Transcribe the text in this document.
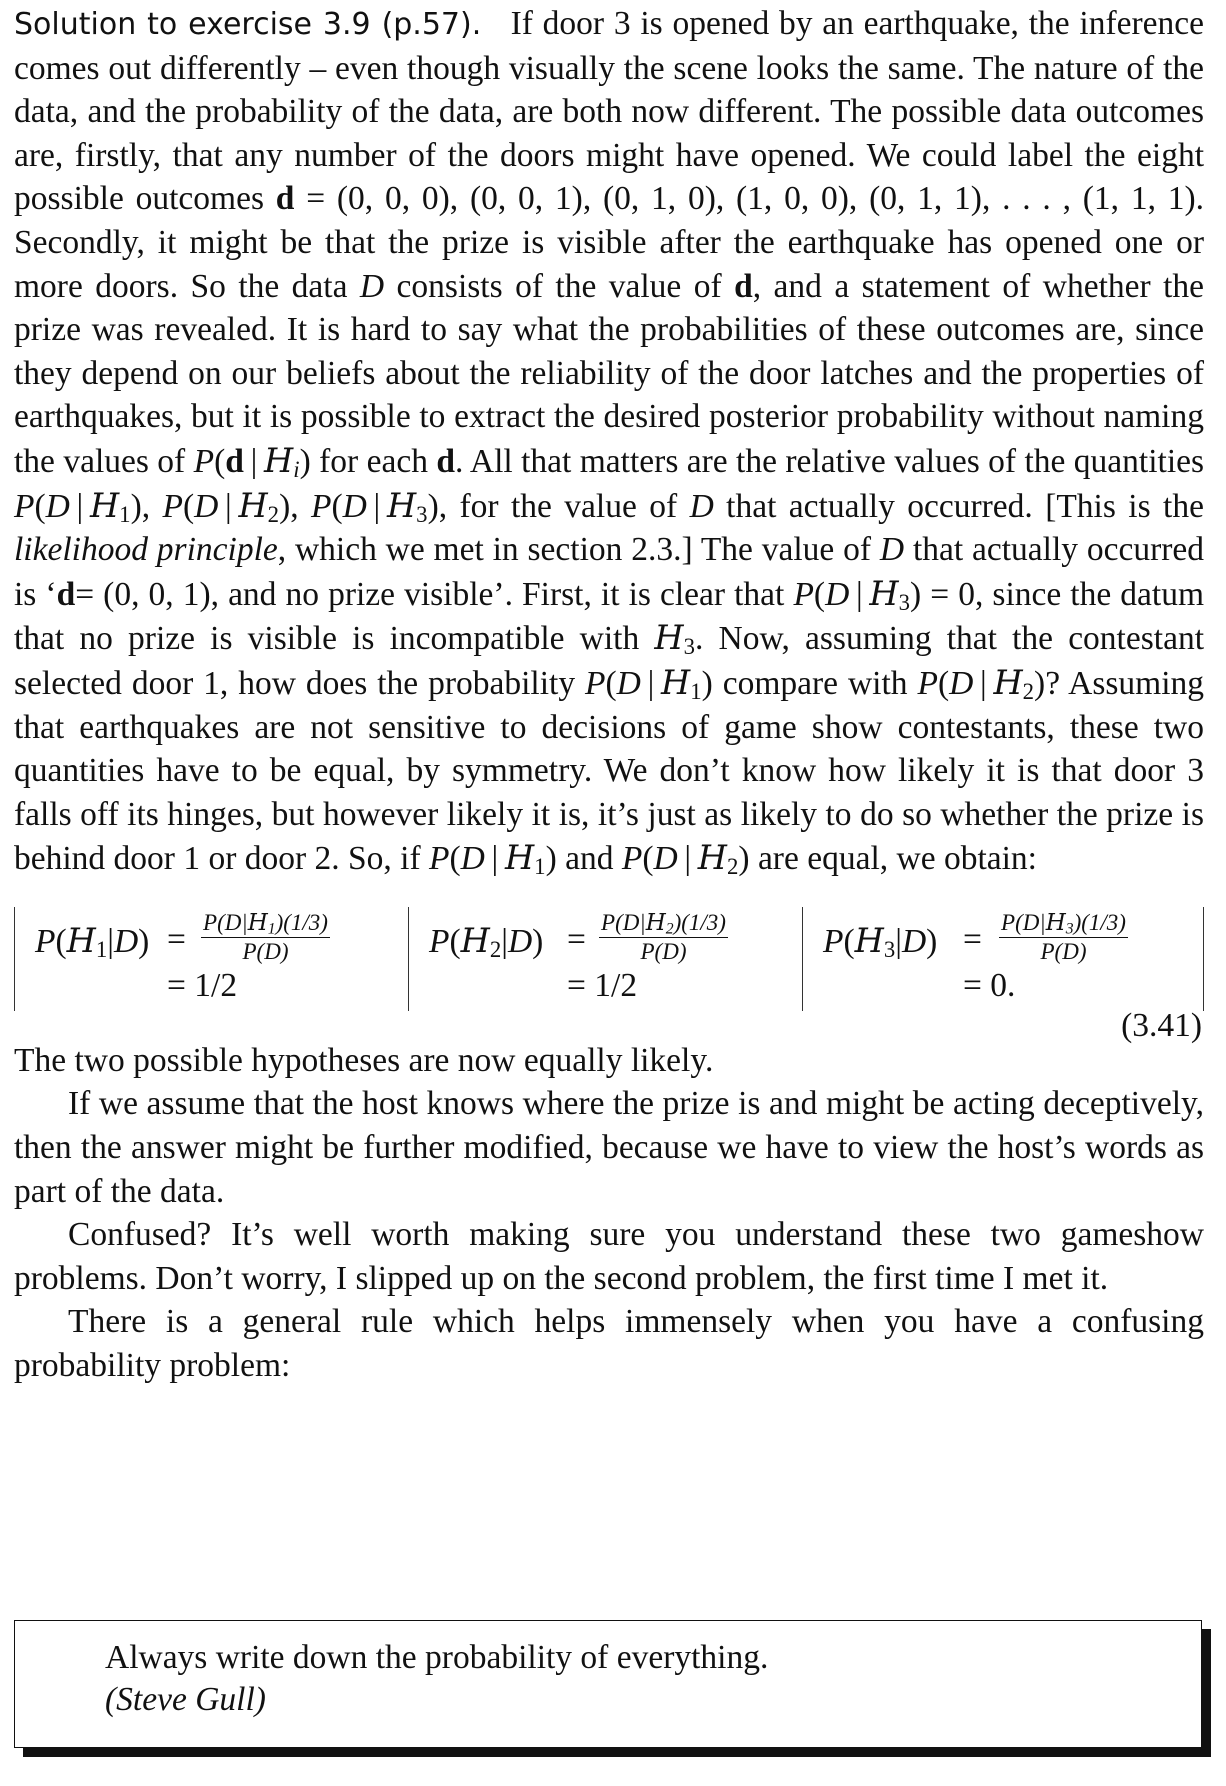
Solution to exercise 3.9 (p.57). If door 3 is opened by an earthquake, the inference comes out differently – even though visually the scene looks the same. The nature of the data, and the probability of the data, are both now different. The possible data outcomes are, firstly, that any number of the doors might have opened. We could label the eight possible outcomes d = (0, 0, 0), (0, 0, 1), (0, 1, 0), (1, 0, 0), (0, 1, 1), . . . , (1, 1, 1). Secondly, it might be that the prize is visible after the earthquake has opened one or more doors. So the data D consists of the value of d, and a statement of whether the prize was revealed. It is hard to say what the probabilities of these outcomes are, since they depend on our beliefs about the reliability of the door latches and the properties of earthquakes, but it is possible to extract the desired posterior probability without naming the values of P(d | $H_i$) for each d. All that matters are the relative values of the quantities P(D | $H_1$), P(D | $H_2$), P(D | $H_3$), for the value of D that actually occurred. [This is the likelihood principle, which we met in section 2.3.] The value of D that actually occurred is ‘d= (0, 0, 1), and no prize visible’. First, it is clear that P(D | $H_3) = 0$, since the datum that no prize is visible is incompatible with $H_3$. Now, assuming that the contestant selected door 1, how does the probability P(D | $H_1$) compare with P(D | $H_2$)? Assuming that earthquakes are not sensitive to decisions of game show contestants, these two quantities have to be equal, by symmetry. We don’t know how likely it is that door 3 falls off its hinges, but however likely it is, it’s just as likely to do so whether the prize is behind door 1 or door 2. So, if P(D | $H_1$) and P(D | $H_2$) are equal, we obtain:

$P(H_1|D) = \frac{P(D|H_1)(1/3)}{P(D)}$
= 1/2
$P(H_2|D) = \frac{P(D|H_2)(1/3)}{P(D)}$
= 1/2
$P(H_3|D) = \frac{P(D|H_3)(1/3)}{P(D)}$
= 0.
(3.41)

The two possible hypotheses are now equally likely.

If we assume that the host knows where the prize is and might be acting deceptively, then the answer might be further modified, because we have to view the host’s words as part of the data.

Confused? It’s well worth making sure you understand these two gameshow problems. Don’t worry, I slipped up on the second problem, the first time I met it.

There is a general rule which helps immensely when you have a confusing probability problem:

Always write down the probability of everything.
(Steve Gull)
